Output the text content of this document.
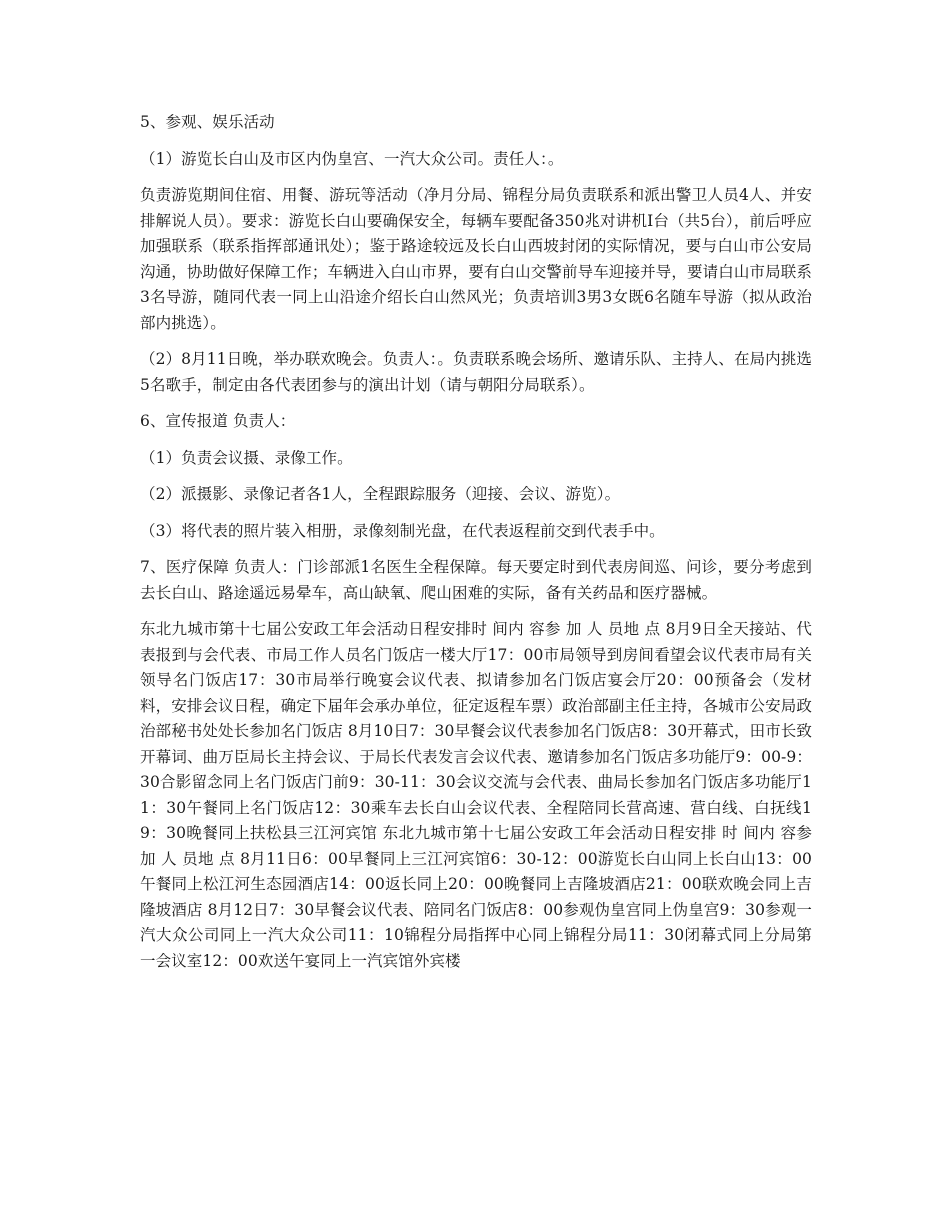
5、参观、娱乐活动

（1）游览长白山及市区内伪皇宫、一汽大众公司。责任人：。

负责游览期间住宿、用餐、游玩等活动（净月分局、锦程分局负责联系和派出警卫人员4人、并安排解说人员）。要求：游览长白山要确保安全，每辆车要配备350兆对讲机I台（共5台），前后呼应加强联系（联系指挥部通讯处）；鉴于路途较远及长白山西坡封闭的实际情况，要与白山市公安局沟通，协助做好保障工作；车辆进入白山市界，要有白山交警前导车迎接并导，要请白山市局联系3名导游，随同代表一同上山沿途介绍长白山然风光；负责培训3男3女既6名随车导游（拟从政治部内挑选）。

（2）8月11日晚，举办联欢晚会。负责人：。负责联系晚会场所、邀请乐队、主持人、在局内挑选5名歌手，制定由各代表团参与的演出计划（请与朝阳分局联系）。

6、宣传报道 负责人：

（1）负责会议摄、录像工作。

（2）派摄影、录像记者各1人，全程跟踪服务（迎接、会议、游览）。

（3）将代表的照片装入相册，录像刻制光盘，在代表返程前交到代表手中。

7、医疗保障 负责人：门诊部派1名医生全程保障。每天要定时到代表房间巡、问诊，要分考虑到去长白山、路途遥远易晕车，高山缺氧、爬山困难的实际，备有关药品和医疗器械。

东北九城市第十七届公安政工年会活动日程安排时 间内 容参 加 人 员地 点 8月9日全天接站、代表报到与会代表、市局工作人员名门饭店一楼大厅17：00市局领导到房间看望会议代表市局有关领导名门饭店17：30市局举行晚宴会议代表、拟请参加名门饭店宴会厅20：00预备会（发材料，安排会议日程，确定下届年会承办单位，征定返程车票）政治部副主任主持，各城市公安局政治部秘书处处长参加名门饭店 8月10日7：30早餐会议代表参加名门饭店8：30开幕式，田市长致开幕词、曲万臣局长主持会议、于局长代表发言会议代表、邀请参加名门饭店多功能厅9：00-9：30合影留念同上名门饭店门前9：30-11：30会议交流与会代表、曲局长参加名门饭店多功能厅11：30午餐同上名门饭店12：30乘车去长白山会议代表、全程陪同长营高速、营白线、白抚线19：30晚餐同上扶松县三江河宾馆 东北九城市第十七届公安政工年会活动日程安排 时 间内 容参 加 人 员地 点 8月11日6：00早餐同上三江河宾馆6：30-12：00游览长白山同上长白山13：00午餐同上松江河生态园酒店14：00返长同上20：00晚餐同上吉隆坡酒店21：00联欢晚会同上吉隆坡酒店 8月12日7：30早餐会议代表、陪同名门饭店8：00参观伪皇宫同上伪皇宫9：30参观一汽大众公司同上一汽大众公司11：10锦程分局指挥中心同上锦程分局11：30闭幕式同上分局第一会议室12：00欢送午宴同上一汽宾馆外宾楼
